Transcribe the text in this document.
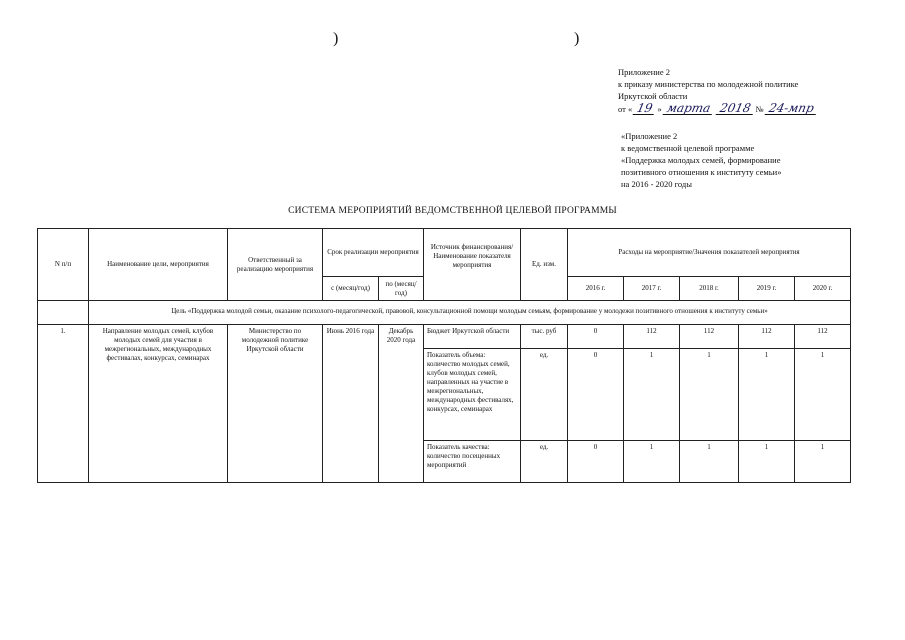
)	)
Приложение 2
к приказу министерства по молодежной политике
Иркутской области
от « 19 » марта 2018 № 24-мпр
«Приложение 2
к ведомственной целевой программе
«Поддержка молодых семей, формирование
позитивного отношения к институту семьи»
на 2016 - 2020 годы
СИСТЕМА МЕРОПРИЯТИЙ ВЕДОМСТВЕННОЙ ЦЕЛЕВОЙ ПРОГРАММЫ
N п/п	Наименование цели, мероприятия	Ответственный за реализацию мероприятия	Срок реализации мероприятия		Источник финансирования/Наименование показателя мероприятия	Ед. изм.	Расходы на мероприятие/Значения показателей мероприятия				
			с (месяц/год)	по (месяц/год)			2016 г.	2017 г.	2018 г.	2019 г.	2020 г.
	Цель «Поддержка молодой семьи, оказание психолого-педагогической, правовой, консультационной помощи молодым семьям, формирование у молодежи позитивного отношения к институту семьи»										
1.	Направление молодых семей, клубов молодых семей для участия в межрегиональных, международных фестивалах, конкурсах, семинарах	Министерство по молодежной политике Иркутской области	Июнь 2016 года	Декабрь 2020 года	Бюджет Иркутской области	тыс. руб	0	112	112	112	112
					Показатель объема: количество молодых семей, клубов молодых семей, направленных на участие в межрегиональных, международных фестивалях, конкурсах, семинарах	ед.	0	1	1	1	1
					Показатель качества: количество посещенных мероприятий	ед.	0	1	1	1	1
